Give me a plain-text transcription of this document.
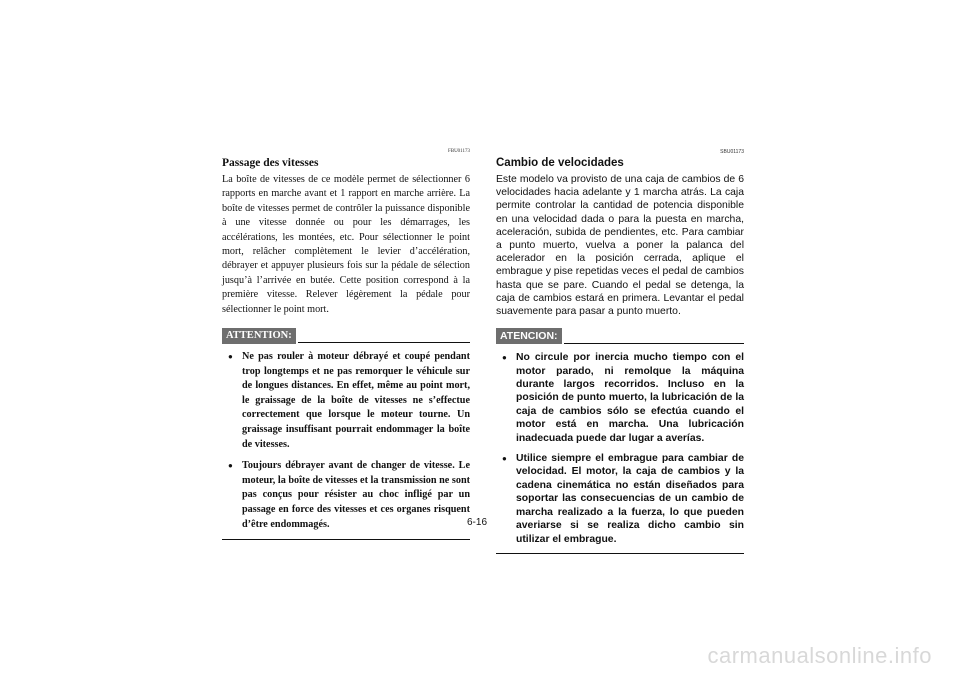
FBU01173
Passage des vitesses
La boîte de vitesses de ce modèle permet de sélectionner 6 rapports en marche avant et 1 rapport en marche arrière. La boîte de vitesses permet de contrôler la puissance disponible à une vitesse donnée ou pour les démarrages, les accélérations, les montées, etc. Pour sélectionner le point mort, relâcher complètement le levier d’accélération, débrayer et appuyer plusieurs fois sur la pédale de sélection jusqu’à l’arrivée en butée. Cette position correspond à la première vitesse. Relever légèrement la pédale pour sélectionner le point mort.
ATTENTION:
● Ne pas rouler à moteur débrayé et coupé pendant trop longtemps et ne pas remorquer le véhicule sur de longues distances. En effet, même au point mort, le graissage de la boîte de vitesses ne s’effectue correctement que lorsque le moteur tourne. Un graissage insuffisant pourrait endommager la boîte de vitesses.
● Toujours débrayer avant de changer de vitesse. Le moteur, la boîte de vitesses et la transmission ne sont pas conçus pour résister au choc infligé par un passage en force des vitesses et ces organes risquent d’être endommagés.
SBU01173
Cambio de velocidades
Este modelo va provisto de una caja de cambios de 6 velocidades hacia adelante y 1 marcha atrás. La caja permite controlar la cantidad de potencia disponible en una velocidad dada o para la puesta en marcha, aceleración, subida de pendientes, etc. Para cambiar a punto muerto, vuelva a poner la palanca del acelerador en la posición cerrada, aplique el embrague y pise repetidas veces el pedal de cambios hasta que se pare. Cuando el pedal se detenga, la caja de cambios estará en primera. Levantar el pedal suavemente para pasar a punto muerto.
ATENCION:
● No circule por inercia mucho tiempo con el motor parado, ni remolque la máquina durante largos recorridos. Incluso en la posición de punto muerto, la lubricación de la caja de cambios sólo se efectúa cuando el motor está en marcha. Una lubricación inadecuada puede dar lugar a averías.
● Utilice siempre el embrague para cambiar de velocidad. El motor, la caja de cambios y la cadena cinemática no están diseñados para soportar las consecuencias de un cambio de marcha realizado a la fuerza, lo que pueden averiarse si se realiza dicho cambio sin utilizar el embrague.
6-16
carmanualsonline.info
